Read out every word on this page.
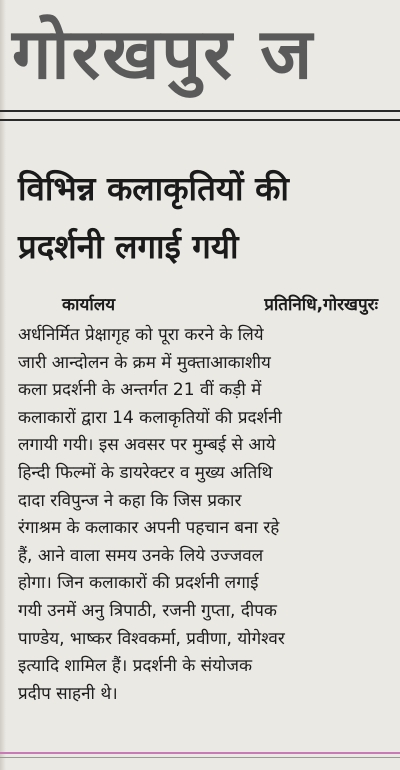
गोरखपुर ज
विभिन्न कलाकृतियों की
प्रदर्शनी लगाई गयी
कार्यालय	प्रतिनिधि,गोरखपुरः
अर्धनिर्मित प्रेक्षागृह को पूरा करने के लिये
जारी आन्दोलन के क्रम में मुक्ताआकाशीय
कला प्रदर्शनी के अन्तर्गत 21 वीं कड़ी में
कलाकारों द्वारा 14 कलाकृतियों की प्रदर्शनी
लगायी गयी। इस अवसर पर मुम्बई से आये
हिन्दी फिल्मों के डायरेक्टर व मुख्य अतिथि
दादा रविपुन्ज ने कहा कि जिस प्रकार
रंगाश्रम के कलाकार अपनी पहचान बना रहे
हैं, आने वाला समय उनके लिये उज्जवल
होगा। जिन कलाकारों की प्रदर्शनी लगाई
गयी उनमें अनु त्रिपाठी, रजनी गुप्ता, दीपक
पाण्डेय, भाष्कर विश्वकर्मा, प्रवीणा, योगेश्वर
इत्यादि शामिल हैं। प्रदर्शनी के संयोजक
प्रदीप साहनी थे।
